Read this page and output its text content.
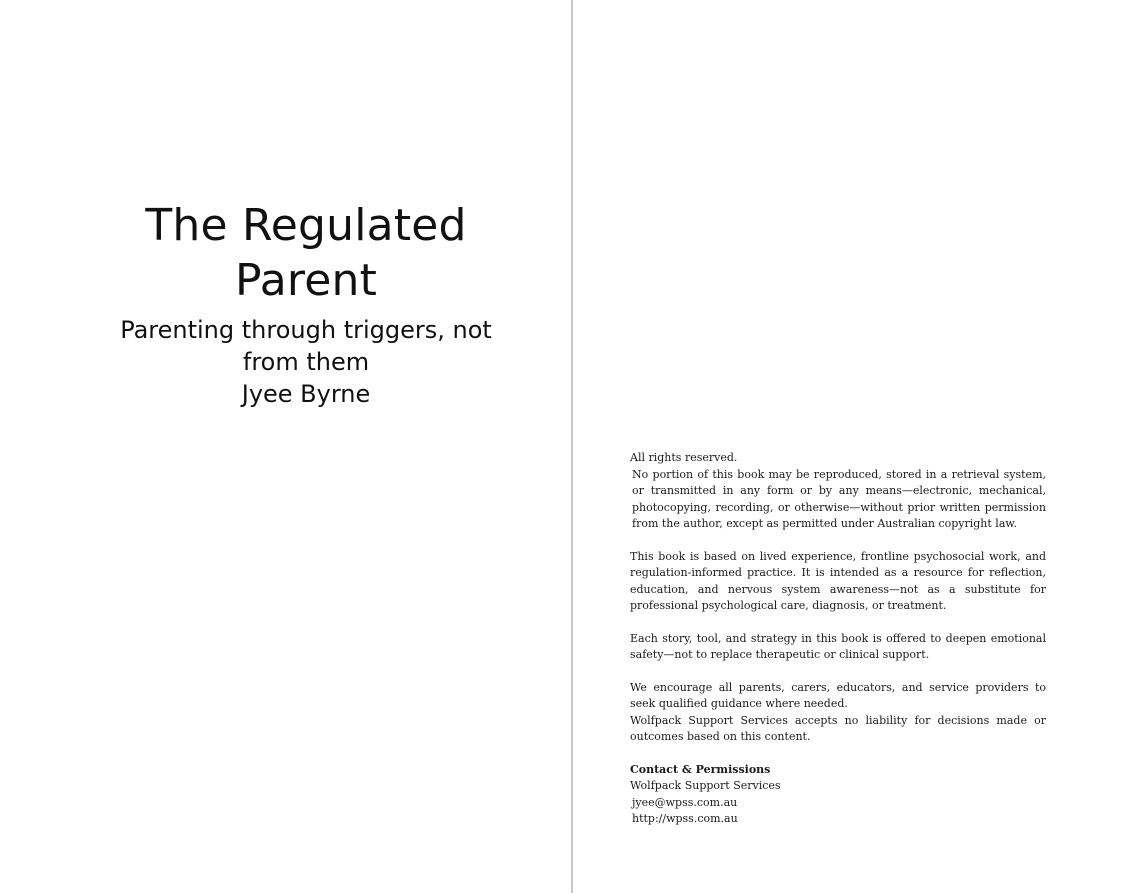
The Regulated Parent

Parenting through triggers, not from them

Jyee Byrne

All rights reserved.

No portion of this book may be reproduced, stored in a retrieval system, or transmitted in any form or by any means—electronic, mechanical, photocopying, recording, or otherwise—without prior written permission from the author, except as permitted under Australian copyright law.

This book is based on lived experience, frontline psychosocial work, and regulation-informed practice. It is intended as a resource for reflection, education, and nervous system awareness—not as a substitute for professional psychological care, diagnosis, or treatment.

Each story, tool, and strategy in this book is offered to deepen emotional safety—not to replace therapeutic or clinical support.

We encourage all parents, carers, educators, and service providers to seek qualified guidance where needed.

Wolfpack Support Services accepts no liability for decisions made or outcomes based on this content.

Contact & Permissions

Wolfpack Support Services

jyee@wpss.com.au

http://wpss.com.au
